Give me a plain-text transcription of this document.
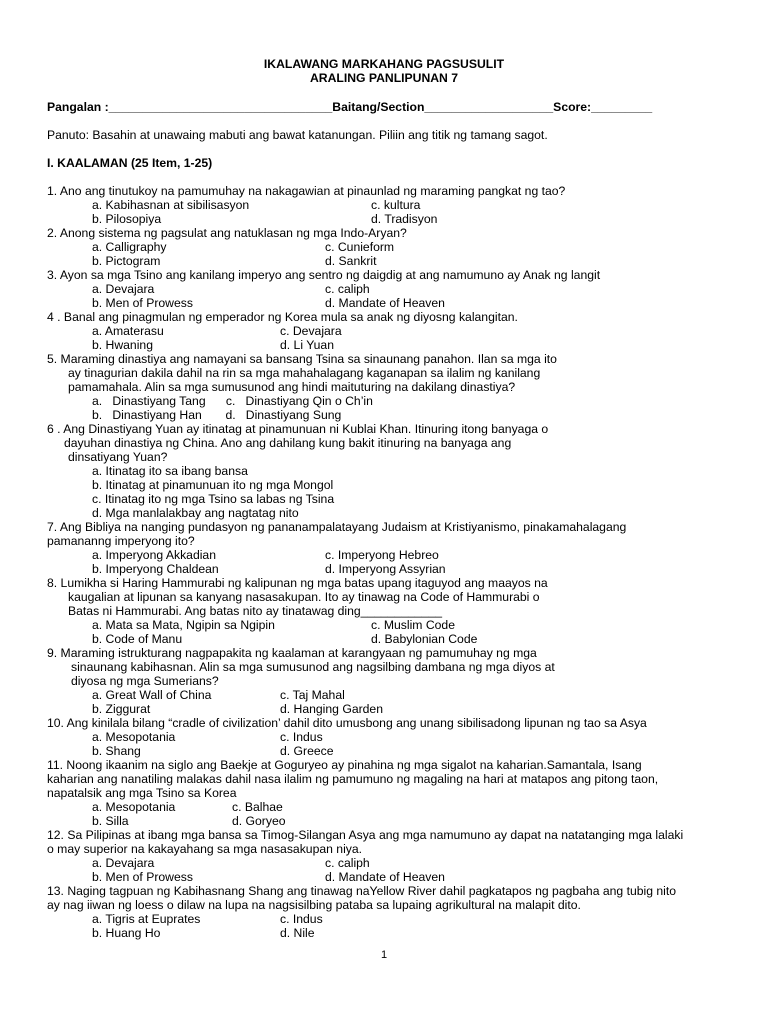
IKALAWANG MARKAHANG PAGSUSULIT
ARALING PANLIPUNAN 7
Pangalan :_________________________________Baitang/Section___________________Score:_________
Panuto: Basahin at unawaing mabuti ang bawat katanungan. Piliin ang titik ng tamang sagot.
I. KAALAMAN (25 Item, 1-25)
1. Ano ang tinutukoy na pamumuhay na nakagawian at pinaunlad ng maraming pangkat ng tao?
a. Kabihasnan at sibilisasyon	c. kultura
b. Pilosopiya	d. Tradisyon
2. Anong sistema ng pagsulat ang natuklasan ng mga Indo-Aryan?
a. Calligraphy	c. Cunieform
b. Pictogram	d. Sankrit
3. Ayon sa mga Tsino ang kanilang imperyo ang sentro ng daigdig at ang namumuno ay Anak ng langit
a. Devajara	c. caliph
b. Men of Prowess	d. Mandate of Heaven
4 . Banal ang pinagmulan ng emperador ng Korea mula sa anak ng diyosng kalangitan.
a. Amaterasu	c. Devajara
b. Hwaning	d. Li Yuan
5. Maraming dinastiya ang namayani sa bansang Tsina sa sinaunang panahon. Ilan sa mga ito
ay tinagurian dakila dahil na rin sa mga mahahalagang kaganapan sa ilalim ng kanilang
pamamahala. Alin sa mga sumusunod ang hindi maituturing na dakilang dinastiya?
a.   Dinastiyang Tang      c.   Dinastiyang Qin o Ch’in
b.   Dinastiyang Han       d.   Dinastiyang Sung
6 . Ang Dinastiyang Yuan ay itinatag at pinamunuan ni Kublai Khan. Itinuring itong banyaga o
dayuhan dinastiya ng China. Ano ang dahilang kung bakit itinuring na banyaga ang
dinsatiyang Yuan?
a. Itinatag ito sa ibang bansa
b. Itinatag at pinamunuan ito ng mga Mongol
c. Itinatag ito ng mga Tsino sa labas ng Tsina
d. Mga manlalakbay ang nagtatag nito
7. Ang Bibliya na nanging pundasyon ng pananampalatayang Judaism at Kristiyanismo, pinakamahalagang
pamananng imperyong ito?
a. Imperyong Akkadian	c. Imperyong Hebreo
b. Imperyong Chaldean	d. Imperyong Assyrian
8. Lumikha si Haring Hammurabi ng kalipunan ng mga batas upang itaguyod ang maayos na
kaugalian at lipunan sa kanyang nasasakupan. Ito ay tinawag na Code of Hammurabi o
Batas ni Hammurabi. Ang batas nito ay tinatawag ding____________
a. Mata sa Mata, Ngipin sa Ngipin	c. Muslim Code
b. Code of Manu	d. Babylonian Code
9. Maraming istrukturang nagpapakita ng kaalaman at karangyaan ng pamumuhay ng mga
sinaunang kabihasnan. Alin sa mga sumusunod ang nagsilbing dambana ng mga diyos at
diyosa ng mga Sumerians?
a. Great Wall of China	c. Taj Mahal
b. Ziggurat	d. Hanging Garden
10. Ang kinilala bilang “cradle of civilization’ dahil dito umusbong ang unang sibilisadong lipunan ng tao sa Asya
a. Mesopotania	c. Indus
b. Shang	d. Greece
11. Noong ikaanim na siglo ang Baekje at Goguryeo ay pinahina ng mga sigalot na kaharian.Samantala, Isang
kaharian ang nanatiling malakas dahil nasa ilalim ng pamumuno ng magaling na hari at matapos ang pitong taon,
napatalsik ang mga Tsino sa Korea
a. Mesopotania	c. Balhae
b. Silla	d. Goryeo
12. Sa Pilipinas at ibang mga bansa sa Timog-Silangan Asya ang mga namumuno ay dapat na natatanging mga lalaki
o may superior na kakayahang sa mga nasasakupan niya.
a. Devajara	c. caliph
b. Men of Prowess	d. Mandate of Heaven
13. Naging tagpuan ng Kabihasnang Shang ang tinawag naYellow River dahil pagkatapos ng pagbaha ang tubig nito
ay nag iiwan ng loess o dilaw na lupa na nagsisilbing pataba sa lupaing agrikultural na malapit dito.
a. Tigris at Euprates	c. Indus
b. Huang Ho	d. Nile
1
